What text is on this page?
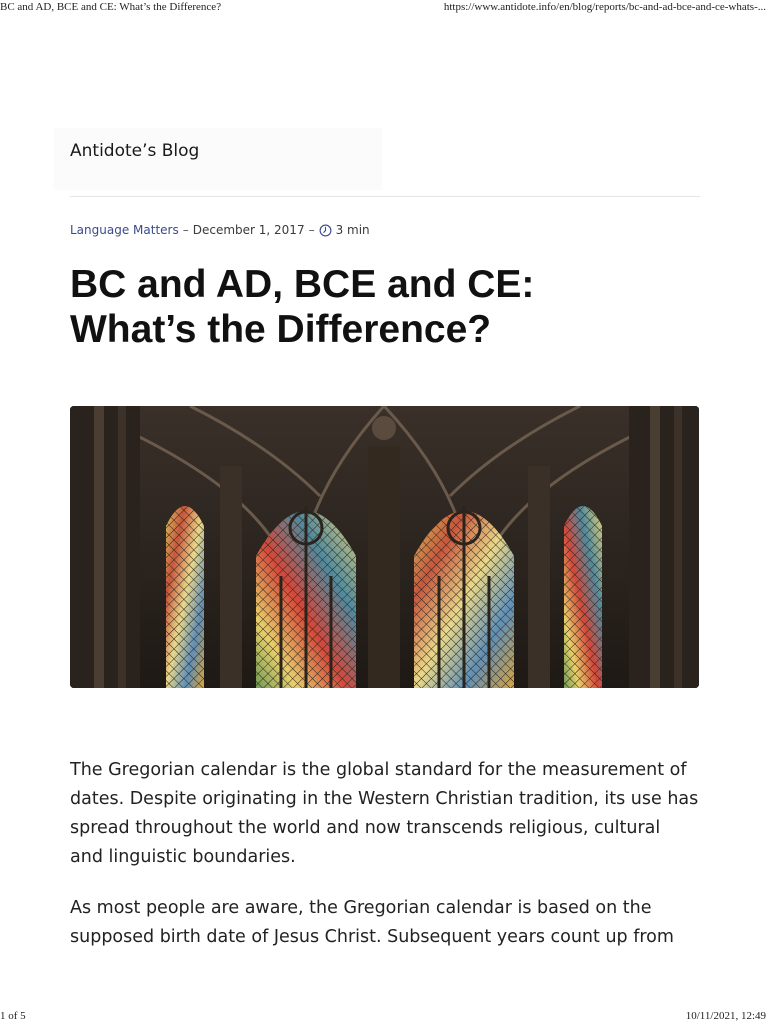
BC and AD, BCE and CE: What’s the Difference?	https://www.antidote.info/en/blog/reports/bc-and-ad-bce-and-ce-whats-...
Antidote’s Blog
Language Matters – December 1, 2017 – 3 min
BC and AD, BCE and CE:
What’s the Difference?
The Gregorian calendar is the global standard for the measurement of
dates. Despite originating in the Western Christian tradition, its use has
spread throughout the world and now transcends religious, cultural
and linguistic boundaries.
As most people are aware, the Gregorian calendar is based on the
supposed birth date of Jesus Christ. Subsequent years count up from
1 of 5	10/11/2021, 12:49
